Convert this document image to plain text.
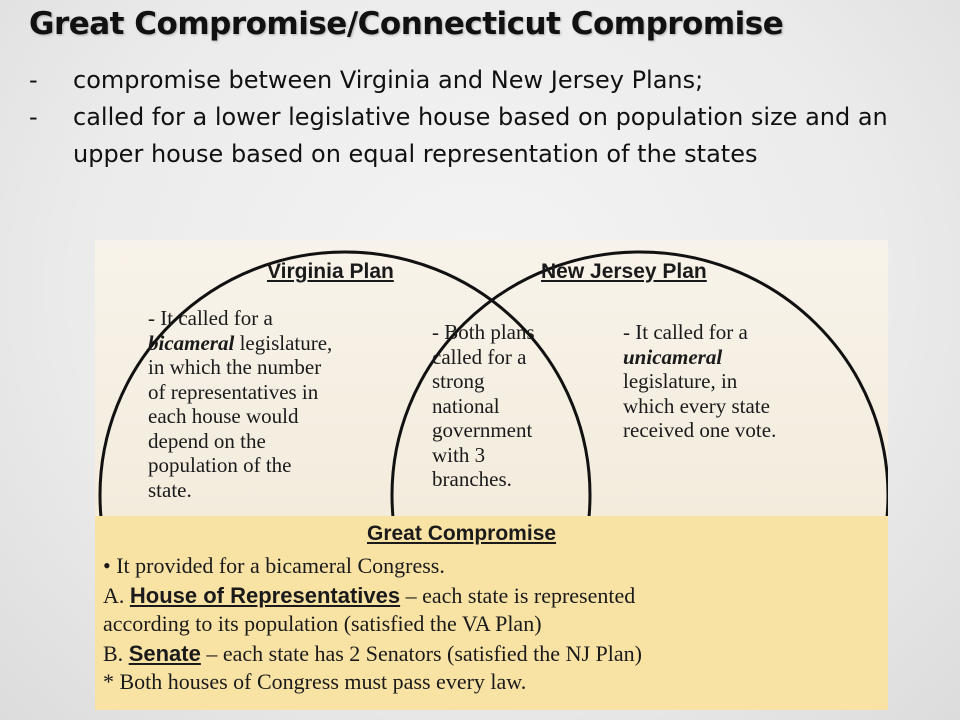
Great Compromise/Connecticut Compromise
- compromise between Virginia and New Jersey Plans;
- called for a lower legislative house based on population size and an upper house based on equal representation of the states
Virginia Plan	New Jersey Plan
- It called for a
bicameral legislature,
in which the number
of representatives in
each house would
depend on the
population of the
state.
- Both plans
called for a
strong
national
government
with 3
branches.
- It called for a
unicameral
legislature, in
which every state
received one vote.
Great Compromise
• It provided for a bicameral Congress.
A. House of Representatives – each state is represented
according to its population (satisfied the VA Plan)
B. Senate – each state has 2 Senators (satisfied the NJ Plan)
* Both houses of Congress must pass every law.
